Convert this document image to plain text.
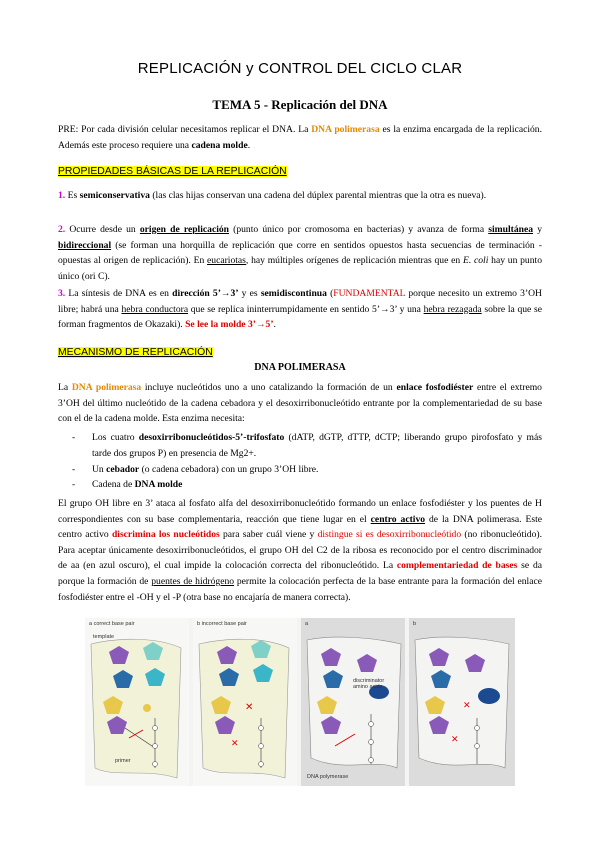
REPLICACIÓN y CONTROL DEL CICLO CLAR
TEMA 5 - Replicación del DNA
PRE: Por cada división celular necesitamos replicar el DNA. La DNA polimerasa es la enzima encargada de la replicación. Además este proceso requiere una cadena molde.
PROPIEDADES BÁSICAS DE LA REPLICACIÓN
1. Es semiconservativa (las clas hijas conservan una cadena del dúplex parental mientras que la otra es nueva).
2. Ocurre desde un origen de replicación (punto único por cromosoma en bacterias) y avanza de forma simultánea y bidireccional (se forman una horquilla de replicación que corre en sentidos opuestos hasta secuencias de terminación - opuestas al origen de replicación). En eucariotas, hay múltiples orígenes de replicación mientras que en E. coli hay un punto único (ori C).
3. La síntesis de DNA es en dirección 5’→3’ y es semidiscontinua (FUNDAMENTAL porque necesito un extremo 3’OH libre; habrá una hebra conductora que se replica ininterrumpidamente en sentido 5’→3’ y una hebra rezagada sobre la que se forman fragmentos de Okazaki). Se lee la molde 3’→5’.
MECANISMO DE REPLICACIÓN
DNA POLIMERASA
La DNA polimerasa incluye nucleótidos uno a uno catalizando la formación de un enlace fosfodiéster entre el extremo 3’OH del último nucleótido de la cadena cebadora y el desoxirribonucleótido entrante por la complementariedad de su base con el de la cadena molde. Esta enzima necesita:
- Los cuatro desoxirribonucleótidos-5’-trifosfato (dATP, dGTP, dTTP, dCTP; liberando grupo pirofosfato y más tarde dos grupos P) en presencia de Mg2+.
- Un cebador (o cadena cebadora) con un grupo 3’OH libre.
- Cadena de DNA molde
El grupo OH libre en 3’ ataca al fosfato alfa del desoxirribonucleótido formando un enlace fosfodiéster y los puentes de H correspondientes con su base complementaria, reacción que tiene lugar en el centro activo de la DNA polimerasa. Este centro activo discrimina los nucleótidos para saber cuál viene y distingue si es desoxirribonucleótido (no ribonucleótido). Para aceptar únicamente desoxirribonucleótidos, el grupo OH del C2 de la ribosa es reconocido por el centro discriminador de aa (en azul oscuro), el cual impide la colocación correcta del ribonucleótido. La complementariedad de bases se da porque la formación de puentes de hidrógeno permite la colocación perfecta de la base entrante para la formación del enlace fosfodiéster entre el -OH y el -P (otra base no encajaría de manera correcta).
✕
✕
✕
✕
a correct base pair	b incorrect base pair	a	b
template
primer
discriminator amino acids
DNA polymerase
